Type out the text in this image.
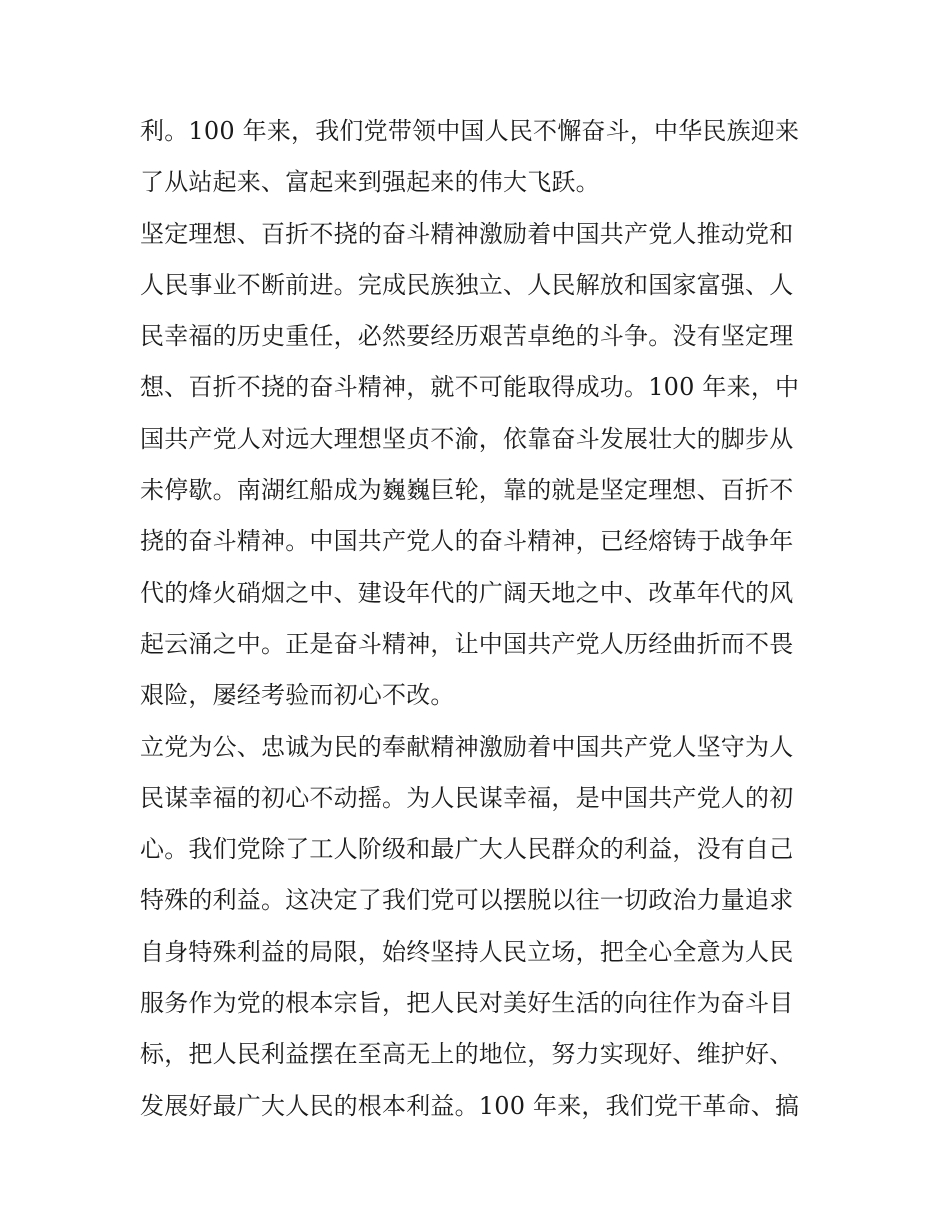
利。100 年来，我们党带领中国人民不懈奋斗，中华民族迎来
了从站起来、富起来到强起来的伟大飞跃。
坚定理想、百折不挠的奋斗精神激励着中国共产党人推动党和
人民事业不断前进。完成民族独立、人民解放和国家富强、人
民幸福的历史重任，必然要经历艰苦卓绝的斗争。没有坚定理
想、百折不挠的奋斗精神，就不可能取得成功。100 年来，中
国共产党人对远大理想坚贞不渝，依靠奋斗发展壮大的脚步从
未停歇。南湖红船成为巍巍巨轮，靠的就是坚定理想、百折不
挠的奋斗精神。中国共产党人的奋斗精神，已经熔铸于战争年
代的烽火硝烟之中、建设年代的广阔天地之中、改革年代的风
起云涌之中。正是奋斗精神，让中国共产党人历经曲折而不畏
艰险，屡经考验而初心不改。
立党为公、忠诚为民的奉献精神激励着中国共产党人坚守为人
民谋幸福的初心不动摇。为人民谋幸福，是中国共产党人的初
心。我们党除了工人阶级和最广大人民群众的利益，没有自己
特殊的利益。这决定了我们党可以摆脱以往一切政治力量追求
自身特殊利益的局限，始终坚持人民立场，把全心全意为人民
服务作为党的根本宗旨，把人民对美好生活的向往作为奋斗目
标，把人民利益摆在至高无上的地位，努力实现好、维护好、
发展好最广大人民的根本利益。100 年来，我们党干革命、搞
